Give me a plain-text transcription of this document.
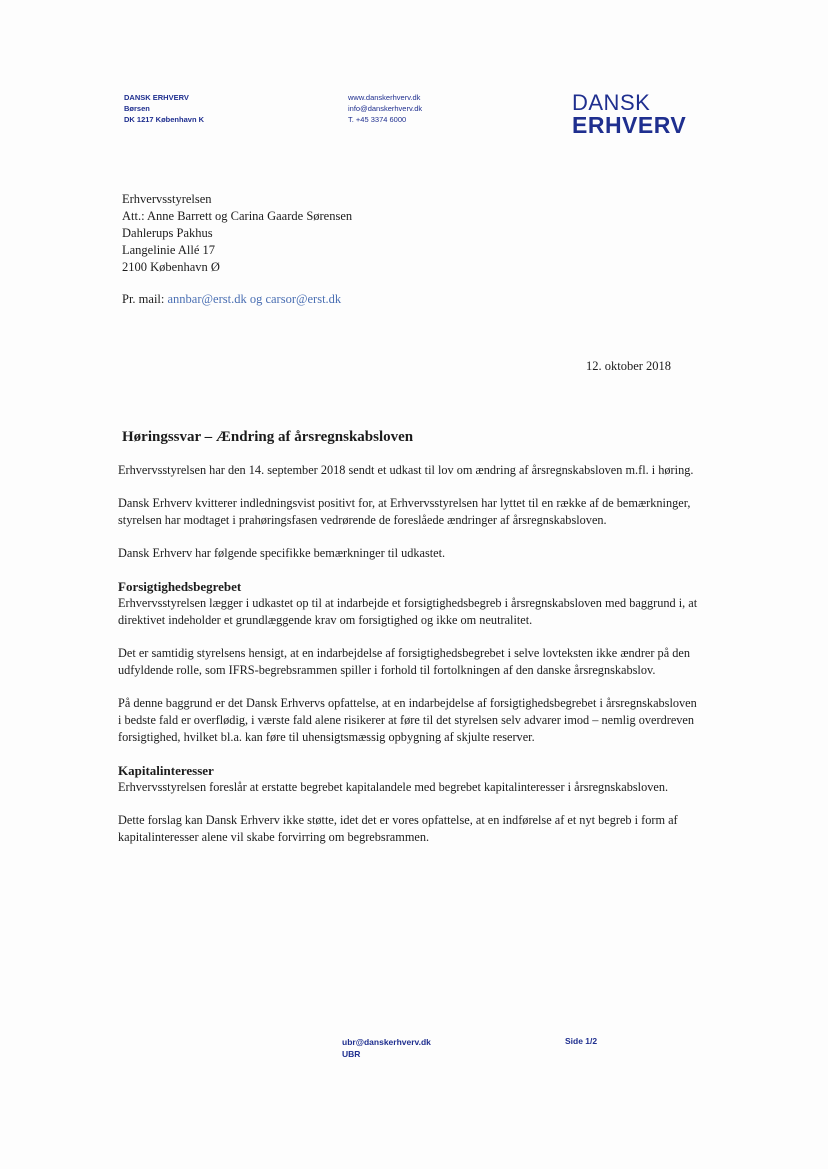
DANSK ERHVERV
Børsen
DK 1217 København K
www.danskerhverv.dk
info@danskerhverv.dk
T. +45 3374 6000
DANSK
ERHVERV
Erhvervsstyrelsen
Att.: Anne Barrett og Carina Gaarde Sørensen
Dahlerups Pakhus
Langelinie Allé 17
2100 København Ø
Pr. mail: annbar@erst.dk og carsor@erst.dk
12. oktober 2018
Høringssvar – Ændring af årsregnskabsloven

Erhvervsstyrelsen har den 14. september 2018 sendt et udkast til lov om ændring af årsregnskabsloven m.fl. i høring.

Dansk Erhverv kvitterer indledningsvist positivt for, at Erhvervsstyrelsen har lyttet til en række af de bemærkninger, styrelsen har modtaget i prahøringsfasen vedrørende de foreslåede ændringer af årsregnskabsloven.

Dansk Erhverv har følgende specifikke bemærkninger til udkastet.

Forsigtighedsbegrebet

Erhvervsstyrelsen lægger i udkastet op til at indarbejde et forsigtighedsbegreb i årsregnskabsloven med baggrund i, at direktivet indeholder et grundlæggende krav om forsigtighed og ikke om neutralitet.

Det er samtidig styrelsens hensigt, at en indarbejdelse af forsigtighedsbegrebet i selve lovteksten ikke ændrer på den udfyldende rolle, som IFRS-begrebsrammen spiller i forhold til fortolkningen af den danske årsregnskabslov.

På denne baggrund er det Dansk Erhvervs opfattelse, at en indarbejdelse af forsigtighedsbegrebet i årsregnskabsloven i bedste fald er overflødig, i værste fald alene risikerer at føre til det styrelsen selv advarer imod – nemlig overdreven forsigtighed, hvilket bl.a. kan føre til uhensigtsmæssig opbygning af skjulte reserver.

Kapitalinteresser

Erhvervsstyrelsen foreslår at erstatte begrebet kapitalandele med begrebet kapitalinteresser i årsregnskabsloven.

Dette forslag kan Dansk Erhverv ikke støtte, idet det er vores opfattelse, at en indførelse af et nyt begreb i form af kapitalinteresser alene vil skabe forvirring om begrebsrammen.

ubr@danskerhverv.dk
UBR
Side 1/2
